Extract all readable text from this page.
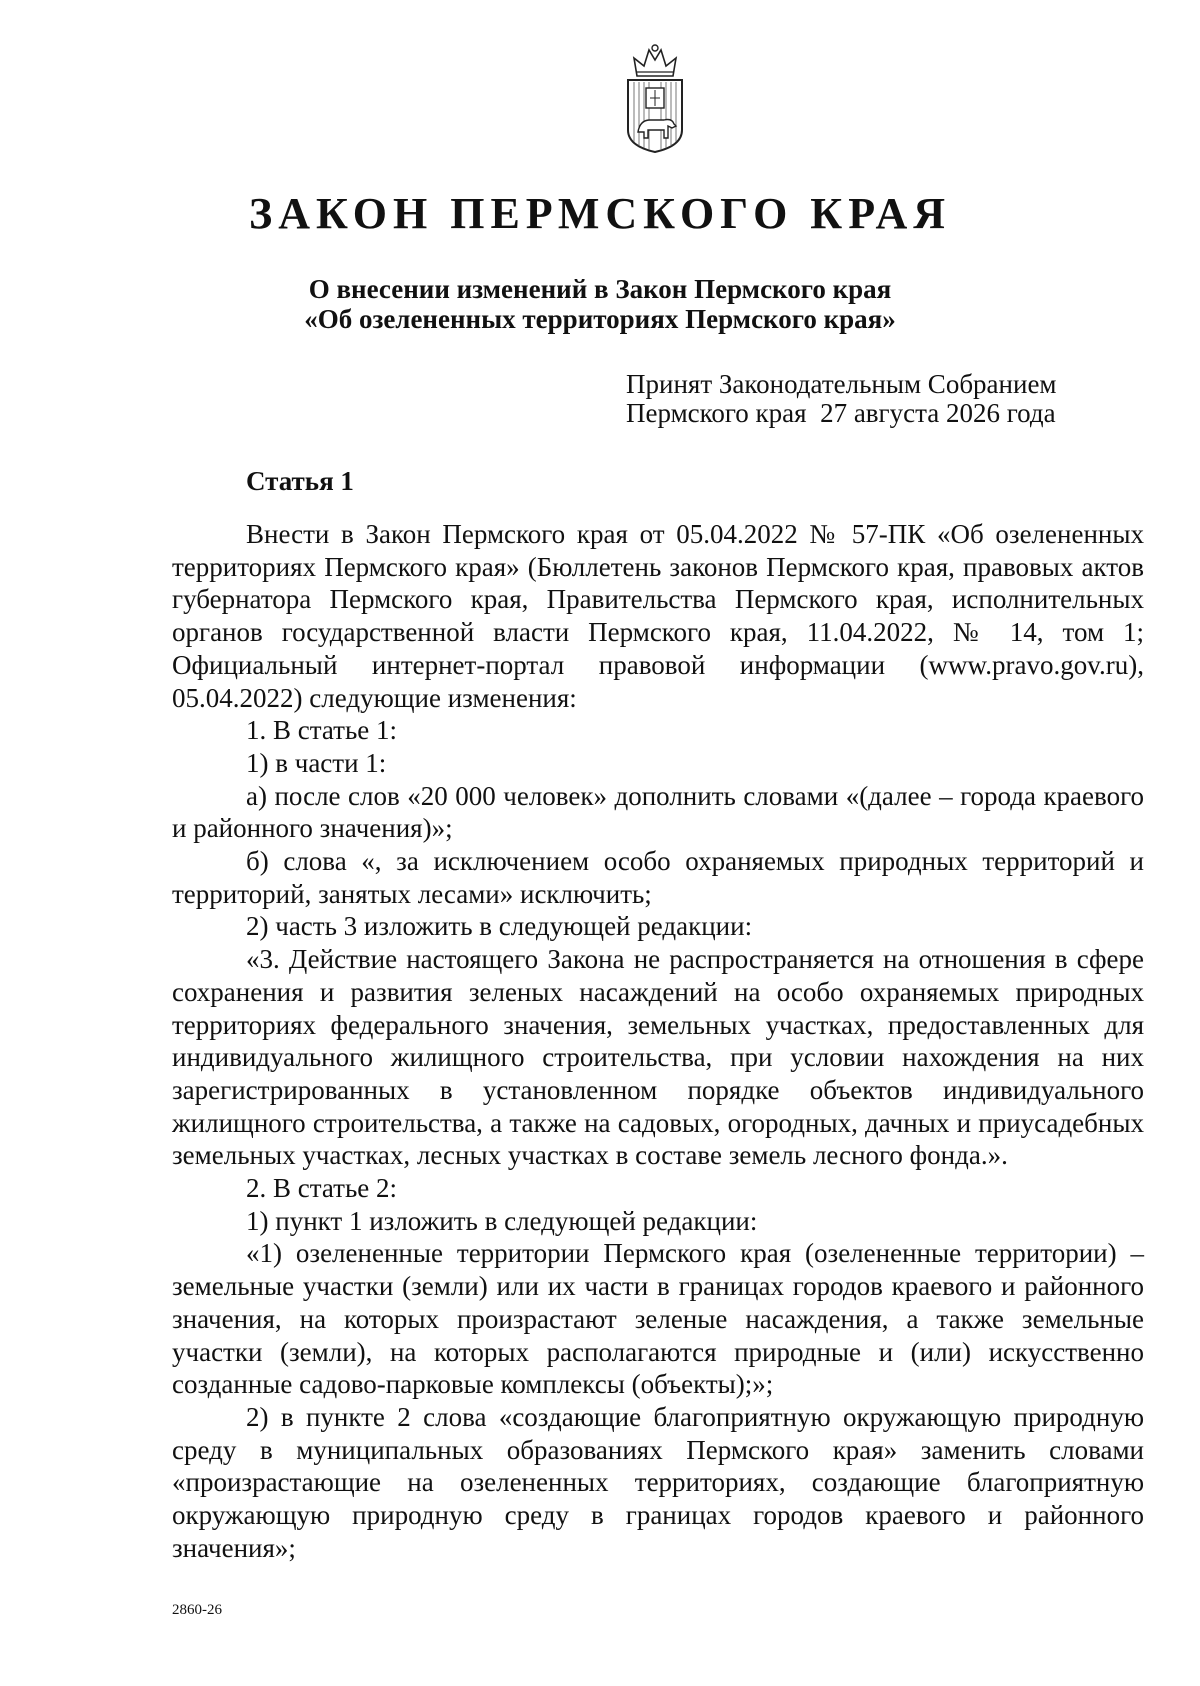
ЗАКОН ПЕРМСКОГО КРАЯ
О внесении изменений в Закон Пермского края
«Об озелененных территориях Пермского края»
Принят Законодательным Собранием
Пермского края  27 августа 2026 года
Статья 1

Внести в Закон Пермского края от 05.04.2022 № 57-ПК «Об озелененных территориях Пермского края» (Бюллетень законов Пермского края, правовых актов губернатора Пермского края, Правительства Пермского края, исполнительных органов государственной власти Пермского края, 11.04.2022, № 14, том 1; Официальный интернет-портал правовой информации (www.pravo.gov.ru), 05.04.2022) следующие изменения:

1. В статье 1:

1) в части 1:

а) после слов «20 000 человек» дополнить словами «(далее – города краевого и районного значения)»;

б) слова «, за исключением особо охраняемых природных территорий и территорий, занятых лесами» исключить;

2) часть 3 изложить в следующей редакции:

«3. Действие настоящего Закона не распространяется на отношения в сфере сохранения и развития зеленых насаждений на особо охраняемых природных территориях федерального значения, земельных участках, предоставленных для индивидуального жилищного строительства, при условии нахождения на них зарегистрированных в установленном порядке объектов индивидуального жилищного строительства, а также на садовых, огородных, дачных и приусадебных земельных участках, лесных участках в составе земель лесного фонда.».

2. В статье 2:

1) пункт 1 изложить в следующей редакции:

«1) озелененные территории Пермского края (озелененные территории) – земельные участки (земли) или их части в границах городов краевого и районного значения, на которых произрастают зеленые насаждения, а также земельные участки (земли), на которых располагаются природные и (или) искусственно созданные садово-парковые комплексы (объекты);»;

2) в пункте 2 слова «создающие благоприятную окружающую природную среду в муниципальных образованиях Пермского края» заменить словами «произрастающие на озелененных территориях, создающие благоприятную окружающую природную среду в границах городов краевого и районного значения»;

2860-26
